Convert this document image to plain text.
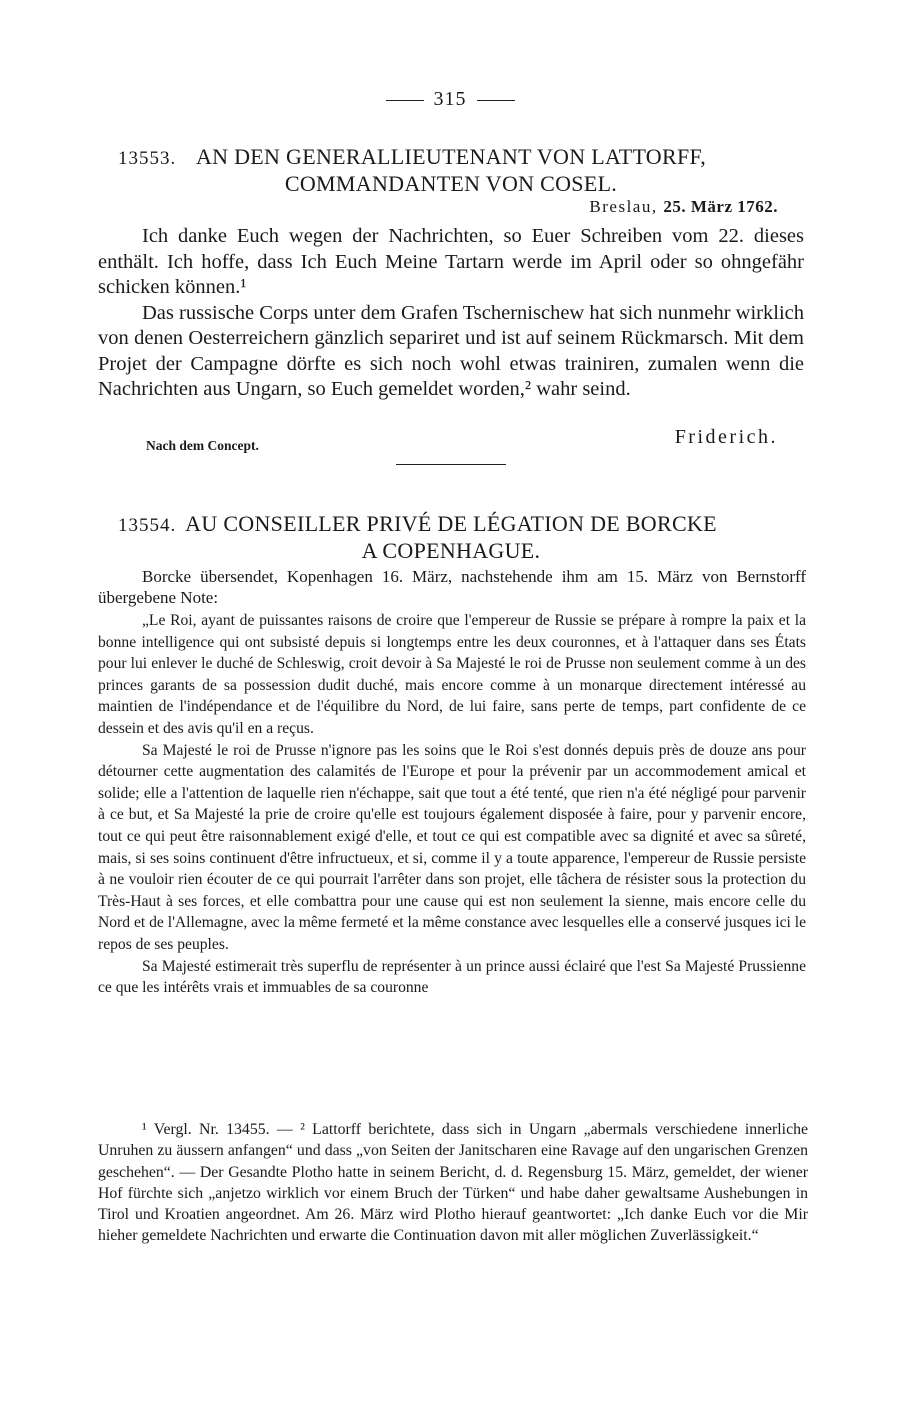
315
13553. AN DEN GENERALLIEUTENANT VON LATTORFF,
COMMANDANTEN VON COSEL.
Breslau, 25. März 1762.

Ich danke Euch wegen der Nachrichten, so Euer Schreiben vom 22. dieses enthält. Ich hoffe, dass Ich Euch Meine Tartarn werde im April oder so ohngefähr schicken können.¹

Das russische Corps unter dem Grafen Tschernischew hat sich nunmehr wirklich von denen Oesterreichern gänzlich separiret und ist auf seinem Rückmarsch. Mit dem Projet der Campagne dörfte es sich noch wohl etwas trainiren, zumalen wenn die Nachrichten aus Ungarn, so Euch gemeldet worden,² wahr seind.

Nach dem Concept.	Friderich.
13554. AU CONSEILLER PRIVÉ DE LÉGATION DE BORCKE
A COPENHAGUE.
Borcke übersendet, Kopenhagen 16. März, nachstehende ihm am 15. März von Bernstorff übergebene Note:

„Le Roi, ayant de puissantes raisons de croire que l'empereur de Russie se prépare à rompre la paix et la bonne intelligence qui ont subsisté depuis si longtemps entre les deux couronnes, et à l'attaquer dans ses États pour lui enlever le duché de Schleswig, croit devoir à Sa Majesté le roi de Prusse non seulement comme à un des princes garants de sa possession dudit duché, mais encore comme à un monarque directement intéressé au maintien de l'indépendance et de l'équilibre du Nord, de lui faire, sans perte de temps, part confidente de ce dessein et des avis qu'il en a reçus.

Sa Majesté le roi de Prusse n'ignore pas les soins que le Roi s'est donnés depuis près de douze ans pour détourner cette augmentation des calamités de l'Europe et pour la prévenir par un accommodement amical et solide; elle a l'attention de laquelle rien n'échappe, sait que tout a été tenté, que rien n'a été négligé pour parvenir à ce but, et Sa Majesté la prie de croire qu'elle est toujours également disposée à faire, pour y parvenir encore, tout ce qui peut être raisonnablement exigé d'elle, et tout ce qui est compatible avec sa dignité et avec sa sûreté, mais, si ses soins continuent d'être infructueux, et si, comme il y a toute apparence, l'empereur de Russie persiste à ne vouloir rien écouter de ce qui pourrait l'arrêter dans son projet, elle tâchera de résister sous la protection du Très-Haut à ses forces, et elle combattra pour une cause qui est non seulement la sienne, mais encore celle du Nord et de l'Allemagne, avec la même fermeté et la même constance avec lesquelles elle a conservé jusques ici le repos de ses peuples.

Sa Majesté estimerait très superflu de représenter à un prince aussi éclairé que l'est Sa Majesté Prussienne ce que les intérêts vrais et immuables de sa couronne

¹ Vergl. Nr. 13455. — ² Lattorff berichtete, dass sich in Ungarn „abermals verschiedene innerliche Unruhen zu äussern anfangen“ und dass „von Seiten der Janitscharen eine Ravage auf den ungarischen Grenzen geschehen“. — Der Gesandte Plotho hatte in seinem Bericht, d. d. Regensburg 15. März, gemeldet, der wiener Hof fürchte sich „anjetzo wirklich vor einem Bruch der Türken“ und habe daher gewaltsame Aushebungen in Tirol und Kroatien angeordnet. Am 26. März wird Plotho hierauf geantwortet: „Ich danke Euch vor die Mir hieher gemeldete Nachrichten und erwarte die Continuation davon mit aller möglichen Zuverlässigkeit.“
